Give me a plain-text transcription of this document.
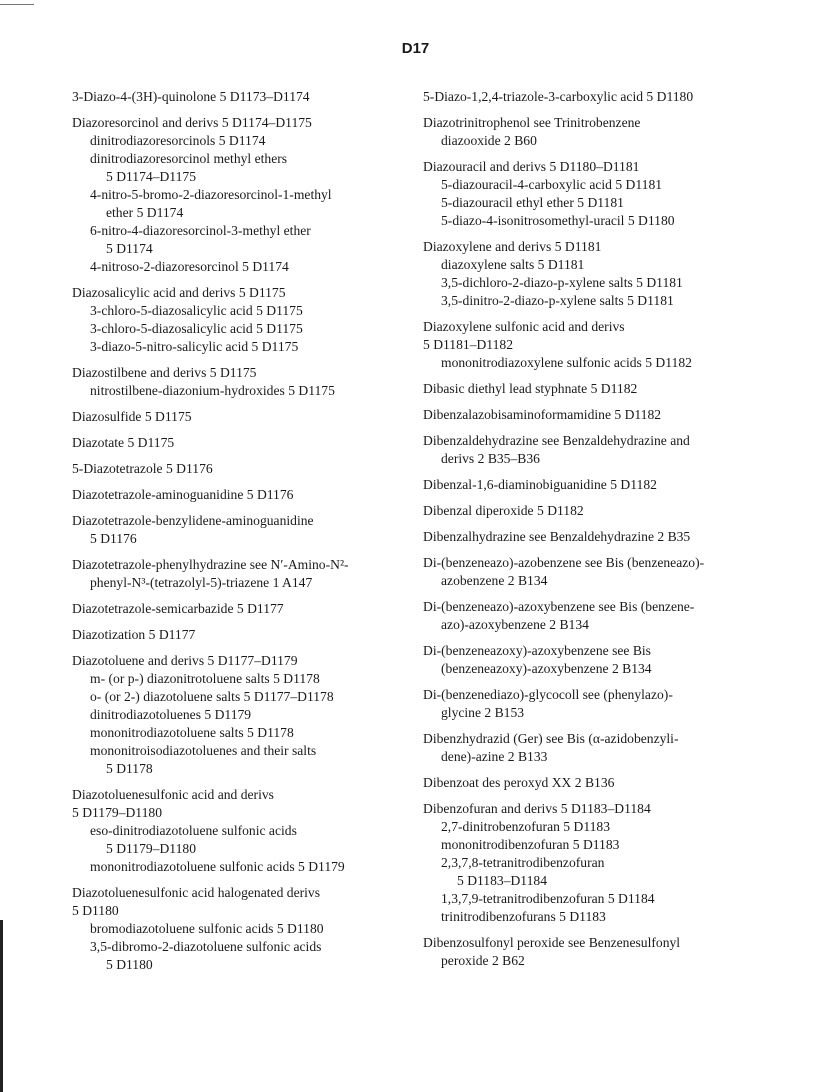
D17
3-Diazo-4-(3H)-quinolone 5 D1173–D1174
Diazoresorcinol and derivs 5 D1174–D1175
dinitrodiazoresorcinols 5 D1174
dinitrodiazoresorcinol methyl ethers
5 D1174–D1175
4-nitro-5-bromo-2-diazoresorcinol-1-methyl
ether 5 D1174
6-nitro-4-diazoresorcinol-3-methyl ether
5 D1174
4-nitroso-2-diazoresorcinol 5 D1174
Diazosalicylic acid and derivs 5 D1175
3-chloro-5-diazosalicylic acid 5 D1175
3-chloro-5-diazosalicylic acid 5 D1175
3-diazo-5-nitro-salicylic acid 5 D1175
Diazostilbene and derivs 5 D1175
nitrostilbene-diazonium-hydroxides 5 D1175
Diazosulfide 5 D1175
Diazotate 5 D1175
5-Diazotetrazole 5 D1176
Diazotetrazole-aminoguanidine 5 D1176
Diazotetrazole-benzylidene-aminoguanidine
5 D1176
Diazotetrazole-phenylhydrazine see N′-Amino-N²-
phenyl-N³-(tetrazolyl-5)-triazene 1 A147
Diazotetrazole-semicarbazide 5 D1177
Diazotization 5 D1177
Diazotoluene and derivs 5 D1177–D1179
m- (or p-) diazonitrotoluene salts 5 D1178
o- (or 2-) diazotoluene salts 5 D1177–D1178
dinitrodiazotoluenes 5 D1179
mononitrodiazotoluene salts 5 D1178
mononitroisodiazotoluenes and their salts
5 D1178
Diazotoluenesulfonic acid and derivs
5 D1179–D1180
eso-dinitrodiazotoluene sulfonic acids
5 D1179–D1180
mononitrodiazotoluene sulfonic acids 5 D1179
Diazotoluenesulfonic acid halogenated derivs
5 D1180
bromodiazotoluene sulfonic acids 5 D1180
3,5-dibromo-2-diazotoluene sulfonic acids
5 D1180
5-Diazo-1,2,4-triazole-3-carboxylic acid 5 D1180
Diazotrinitrophenol see Trinitrobenzene
diazooxide 2 B60
Diazouracil and derivs 5 D1180–D1181
5-diazouracil-4-carboxylic acid 5 D1181
5-diazouracil ethyl ether 5 D1181
5-diazo-4-isonitrosomethyl-uracil 5 D1180
Diazoxylene and derivs 5 D1181
diazoxylene salts 5 D1181
3,5-dichloro-2-diazo-p-xylene salts 5 D1181
3,5-dinitro-2-diazo-p-xylene salts 5 D1181
Diazoxylene sulfonic acid and derivs
5 D1181–D1182
mononitrodiazoxylene sulfonic acids 5 D1182
Dibasic diethyl lead styphnate 5 D1182
Dibenzalazobisaminoformamidine 5 D1182
Dibenzaldehydrazine see Benzaldehydrazine and
derivs 2 B35–B36
Dibenzal-1,6-diaminobiguanidine 5 D1182
Dibenzal diperoxide 5 D1182
Dibenzalhydrazine see Benzaldehydrazine 2 B35
Di-(benzeneazo)-azobenzene see Bis (benzeneazo)-
azobenzene 2 B134
Di-(benzeneazo)-azoxybenzene see Bis (benzene-
azo)-azoxybenzene 2 B134
Di-(benzeneazoxy)-azoxybenzene see Bis
(benzeneazoxy)-azoxybenzene 2 B134
Di-(benzenediazo)-glycocoll see (phenylazo)-
glycine 2 B153
Dibenzhydrazid (Ger) see Bis (α-azidobenzyli-
dene)-azine 2 B133
Dibenzoat des peroxyd XX 2 B136
Dibenzofuran and derivs 5 D1183–D1184
2,7-dinitrobenzofuran 5 D1183
mononitrodibenzofuran 5 D1183
2,3,7,8-tetranitrodibenzofuran
5 D1183–D1184
1,3,7,9-tetranitrodibenzofuran 5 D1184
trinitrodibenzofurans 5 D1183
Dibenzosulfonyl peroxide see Benzenesulfonyl
peroxide 2 B62
